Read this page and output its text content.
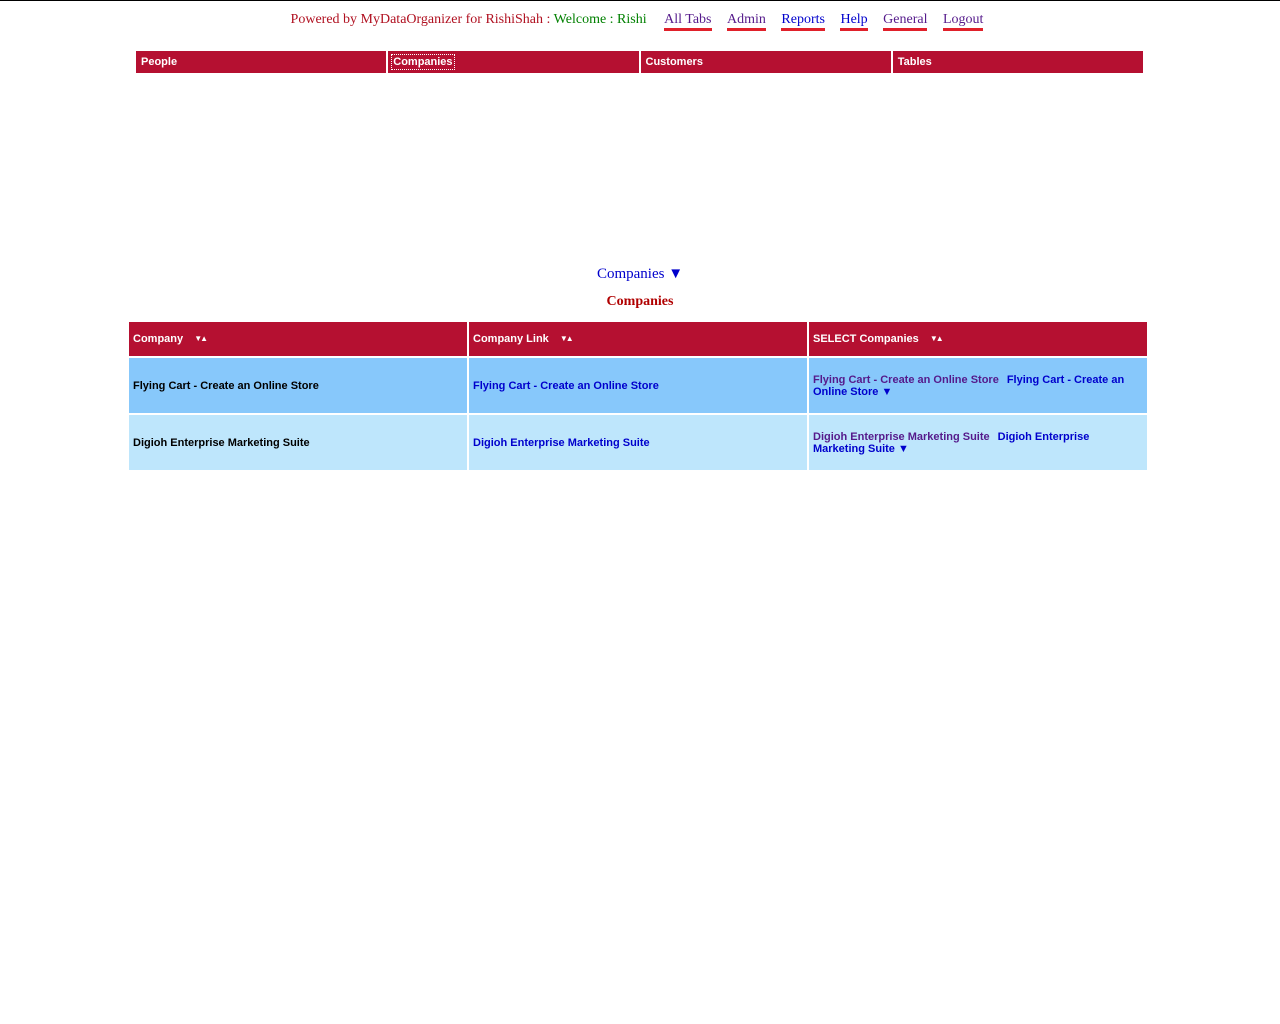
Powered by MyDataOrganizer for RishiShah : Welcome : Rishi All Tabs Admin Reports Help General Logout
People	Companies	Customers	Tables
Companies ▼
Companies
Company ▼▲	Company Link ▼▲	SELECT Companies ▼▲
Flying Cart - Create an Online Store	Flying Cart - Create an Online Store	Flying Cart - Create an Online Store Flying Cart - Create an Online Store ▼
Digioh Enterprise Marketing Suite	Digioh Enterprise Marketing Suite	Digioh Enterprise Marketing Suite Digioh Enterprise Marketing Suite ▼
